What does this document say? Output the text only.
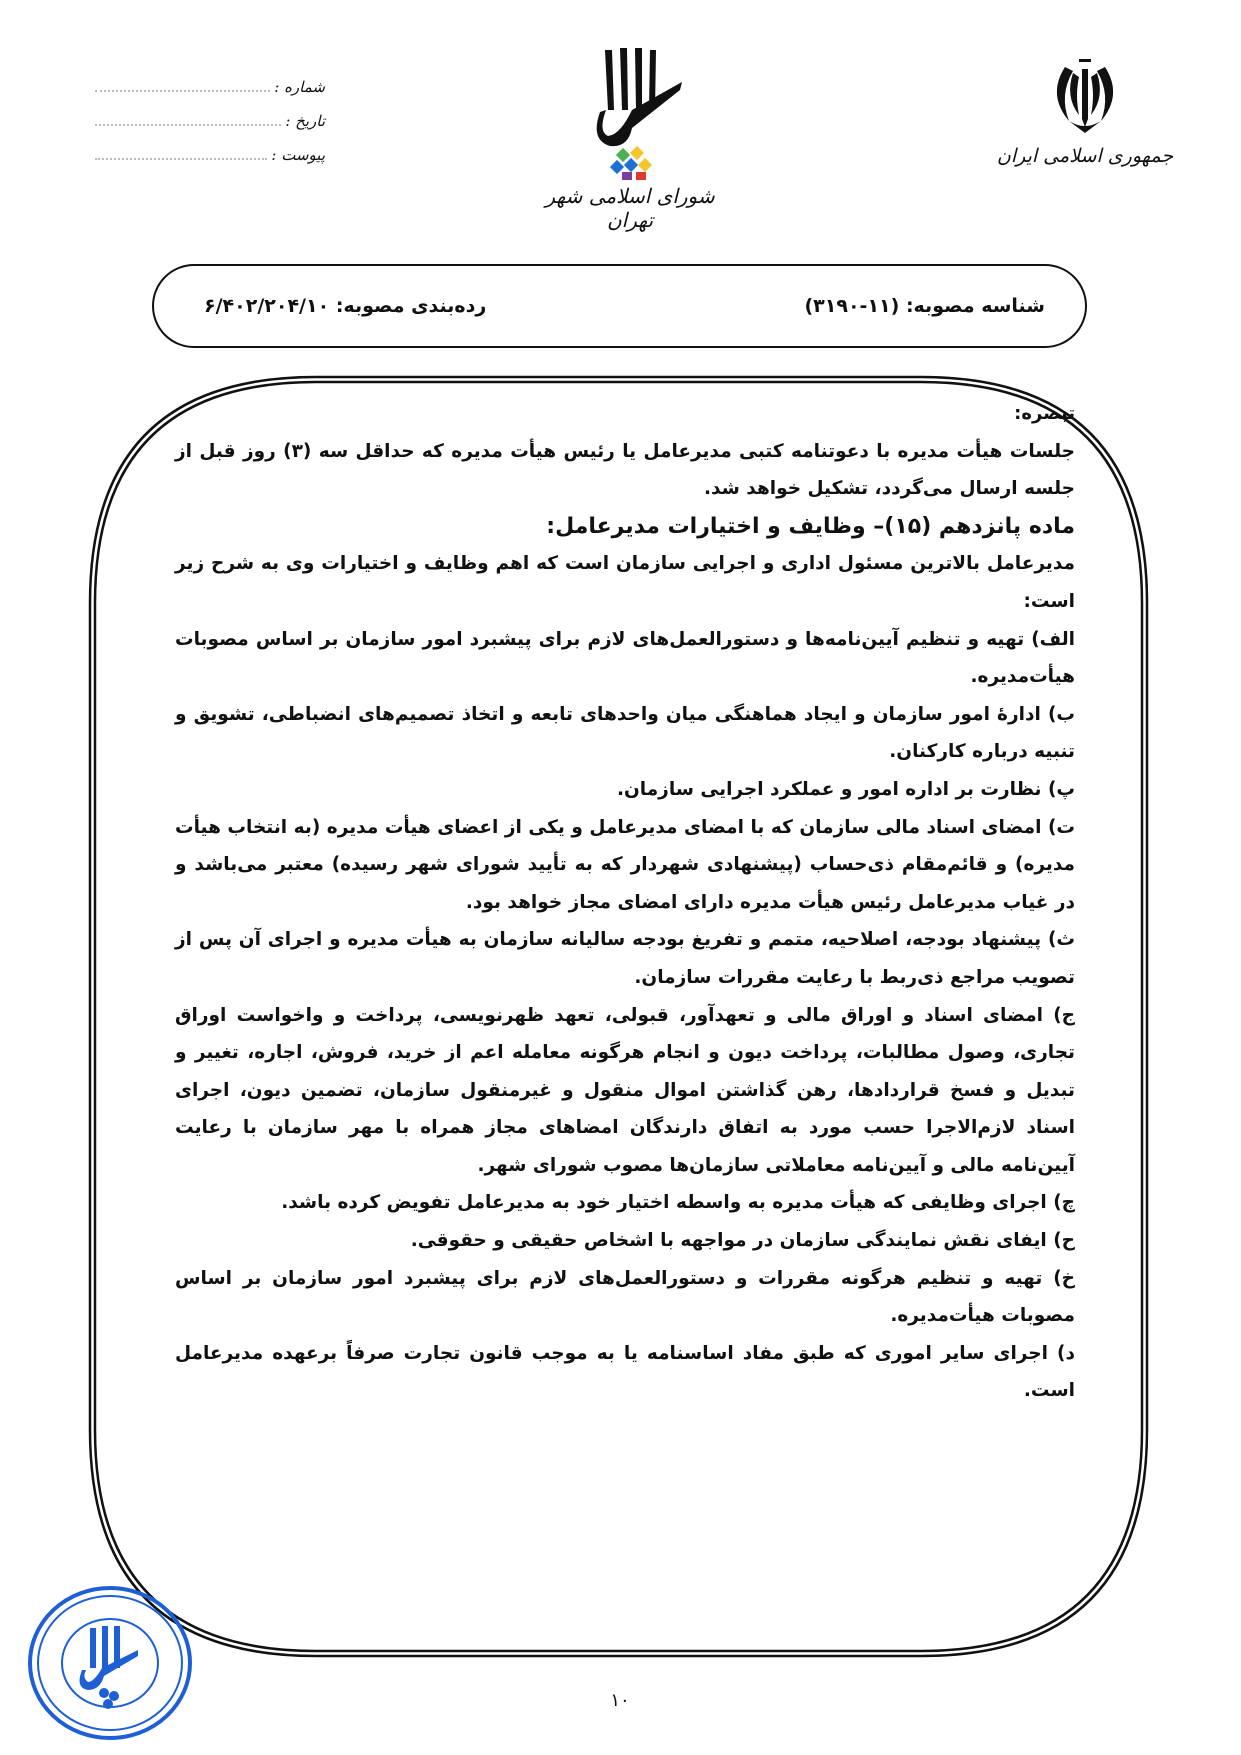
شماره :
تاریخ :
پیوست :
شورای اسلامی شهر تهران
جمهوری اسلامی ایران
شناسه مصوبه: (۱۱-۳۱۹۰)
رده‌بندی مصوبه: ۶/۴۰۲/۲۰۴/۱۰

تبصره:

جلسات هیأت مدیره با دعوتنامه کتبی مدیرعامل یا رئیس هیأت مدیره که حداقل سه (۳) روز قبل از جلسه ارسال می‌گردد، تشکیل خواهد شد.

ماده پانزدهم (۱۵)– وظایف و اختیارات مدیرعامل:

مدیرعامل بالاترین مسئول اداری و اجرایی سازمان است که اهم وظایف و اختیارات وی به شرح زیر است:

الف) تهیه و تنظیم آیین‌نامه‌ها و دستورالعمل‌های لازم برای پیشبرد امور سازمان بر اساس مصوبات هیأت‌مدیره.

ب) ادارهٔ امور سازمان و ایجاد هماهنگی میان واحدهای تابعه و اتخاذ تصمیم‌های انضباطی، تشویق و تنبیه درباره کارکنان.

پ) نظارت بر اداره امور و عملکرد اجرایی سازمان.

ت) امضای اسناد مالی سازمان که با امضای مدیرعامل و یکی از اعضای هیأت مدیره (به انتخاب هیأت مدیره) و قائم‌مقام ذی‌حساب (پیشنهادی شهردار که به تأیید شورای شهر رسیده) معتبر می‌باشد و در غیاب مدیرعامل رئیس هیأت مدیره دارای امضای مجاز خواهد بود.

ث) پیشنهاد بودجه، اصلاحیه، متمم و تفریغ بودجه سالیانه سازمان به هیأت مدیره و اجرای آن پس از تصویب مراجع ذی‌ربط با رعایت مقررات سازمان.

ج) امضای اسناد و اوراق مالی و تعهدآور، قبولی، تعهد ظهرنویسی، پرداخت و واخواست اوراق تجاری، وصول مطالبات، پرداخت دیون و انجام هرگونه معامله اعم از خرید، فروش، اجاره، تغییر و تبدیل و فسخ قراردادها، رهن گذاشتن اموال منقول و غیرمنقول سازمان، تضمین دیون، اجرای اسناد لازم‌الاجرا حسب مورد به اتفاق دارندگان امضاهای مجاز همراه با مهر سازمان با رعایت آیین‌نامه مالی و آیین‌نامه معاملاتی سازمان‌ها مصوب شورای شهر.

چ) اجرای وظایفی که هیأت مدیره به واسطه اختیار خود به مدیرعامل تفویض کرده باشد.

ح) ایفای نقش نمایندگی سازمان در مواجهه با اشخاص حقیقی و حقوقی.

خ) تهیه و تنظیم هرگونه مقررات و دستورالعمل‌های لازم برای پیشبرد امور سازمان بر اساس مصوبات هیأت‌مدیره.

د) اجرای سایر اموری که طبق مفاد اساسنامه یا به موجب قانون تجارت صرفاً برعهده مدیرعامل است.

۱۰
